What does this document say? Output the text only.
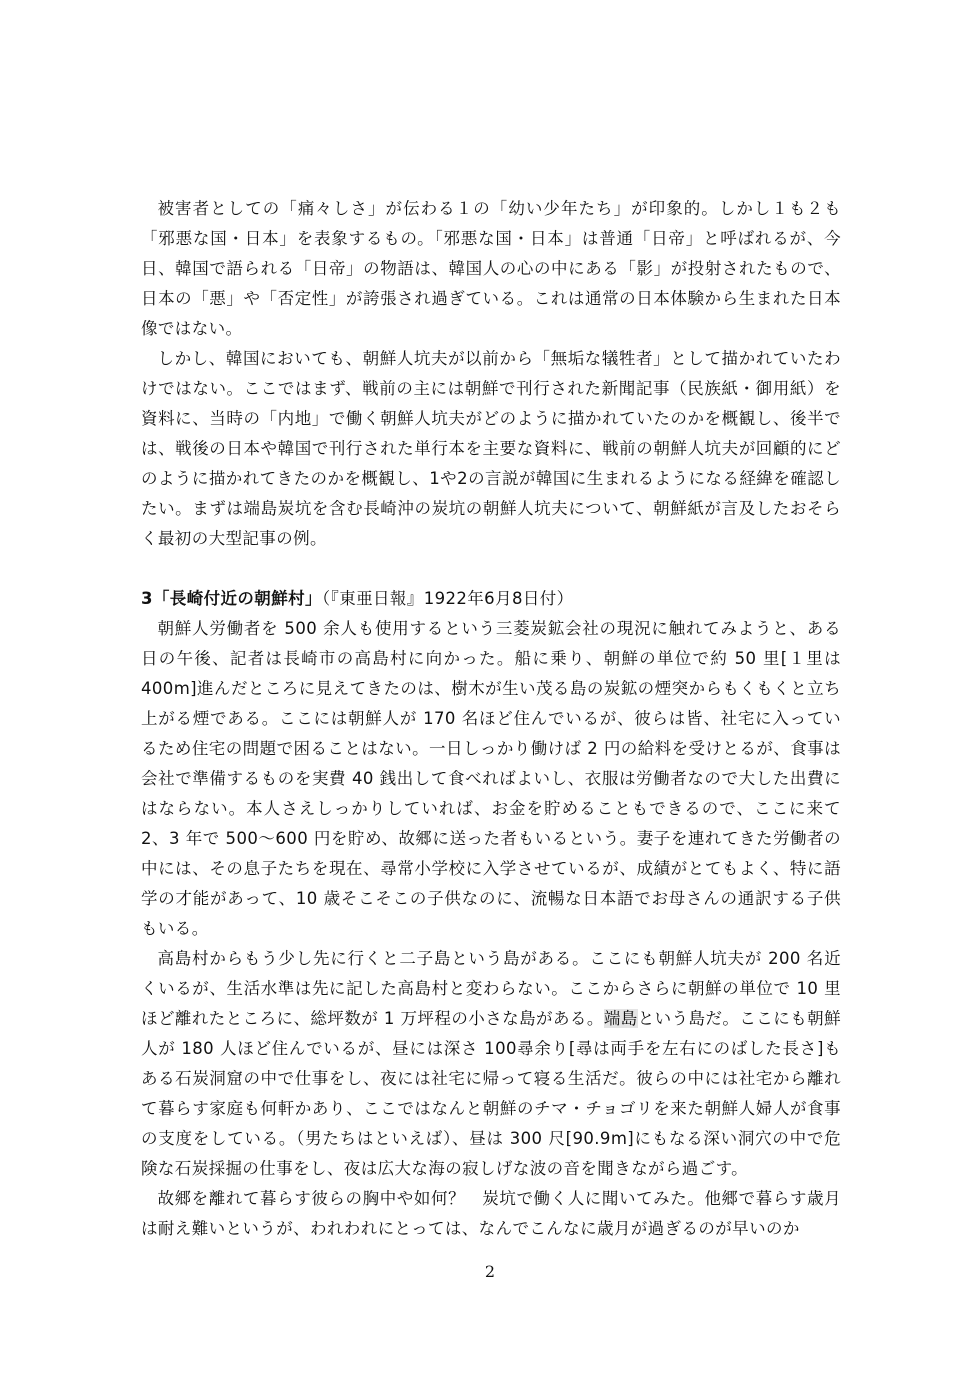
被害者としての「痛々しさ」が伝わる１の「幼い少年たち」が印象的。しかし１も２も「邪悪な国・日本」を表象するもの。「邪悪な国・日本」は普通「日帝」と呼ばれるが、今日、韓国で語られる「日帝」の物語は、韓国人の心の中にある「影」が投射されたもので、日本の「悪」や「否定性」が誇張され過ぎている。これは通常の日本体験から生まれた日本像ではない。

しかし、韓国においても、朝鮮人坑夫が以前から「無垢な犠牲者」として描かれていたわけではない。ここではまず、戦前の主には朝鮮で刊行された新聞記事（民族紙・御用紙）を資料に、当時の「内地」で働く朝鮮人坑夫がどのように描かれていたのかを概観し、後半では、戦後の日本や韓国で刊行された単行本を主要な資料に、戦前の朝鮮人坑夫が回顧的にどのように描かれてきたのかを概観し、1や2の言説が韓国に生まれるようになる経緯を確認したい。まずは端島炭坑を含む長崎沖の炭坑の朝鮮人坑夫について、朝鮮紙が言及したおそらく最初の大型記事の例。

3「長崎付近の朝鮮村」（『東亜日報』1922年6月8日付）

朝鮮人労働者を 500 余人も使用するという三菱炭鉱会社の現況に触れてみようと、ある日の午後、記者は長崎市の高島村に向かった。船に乗り、朝鮮の単位で約 50 里[１里は 400m]進んだところに見えてきたのは、樹木が生い茂る島の炭鉱の煙突からもくもくと立ち上がる煙である。ここには朝鮮人が 170 名ほど住んでいるが、彼らは皆、社宅に入っているため住宅の問題で困ることはない。一日しっかり働けば 2 円の給料を受けとるが、食事は会社で準備するものを実費 40 銭出して食べればよいし、衣服は労働者なので大した出費にはならない。本人さえしっかりしていれば、お金を貯めることもできるので、ここに来て 2、3 年で 500～600 円を貯め、故郷に送った者もいるという。妻子を連れてきた労働者の中には、その息子たちを現在、尋常小学校に入学させているが、成績がとてもよく、特に語学の才能があって、10 歳そこそこの子供なのに、流暢な日本語でお母さんの通訳する子供もいる。

高島村からもう少し先に行くと二子島という島がある。ここにも朝鮮人坑夫が 200 名近くいるが、生活水準は先に記した高島村と変わらない。ここからさらに朝鮮の単位で 10 里ほど離れたところに、総坪数が 1 万坪程の小さな島がある。端島という島だ。ここにも朝鮮人が 180 人ほど住んでいるが、昼には深さ 100尋余り[尋は両手を左右にのばした長さ]もある石炭洞窟の中で仕事をし、夜には社宅に帰って寝る生活だ。彼らの中には社宅から離れて暮らす家庭も何軒かあり、ここではなんと朝鮮のチマ・チョゴリを来た朝鮮人婦人が食事の支度をしている。（男たちはといえば）、昼は 300 尺[90.9m]にもなる深い洞穴の中で危険な石炭採掘の仕事をし、夜は広大な海の寂しげな波の音を聞きながら過ごす。

故郷を離れて暮らす彼らの胸中や如何？　炭坑で働く人に聞いてみた。他郷で暮らす歳月は耐え難いというが、われわれにとっては、なんでこんなに歳月が過ぎるのが早いのか

2
